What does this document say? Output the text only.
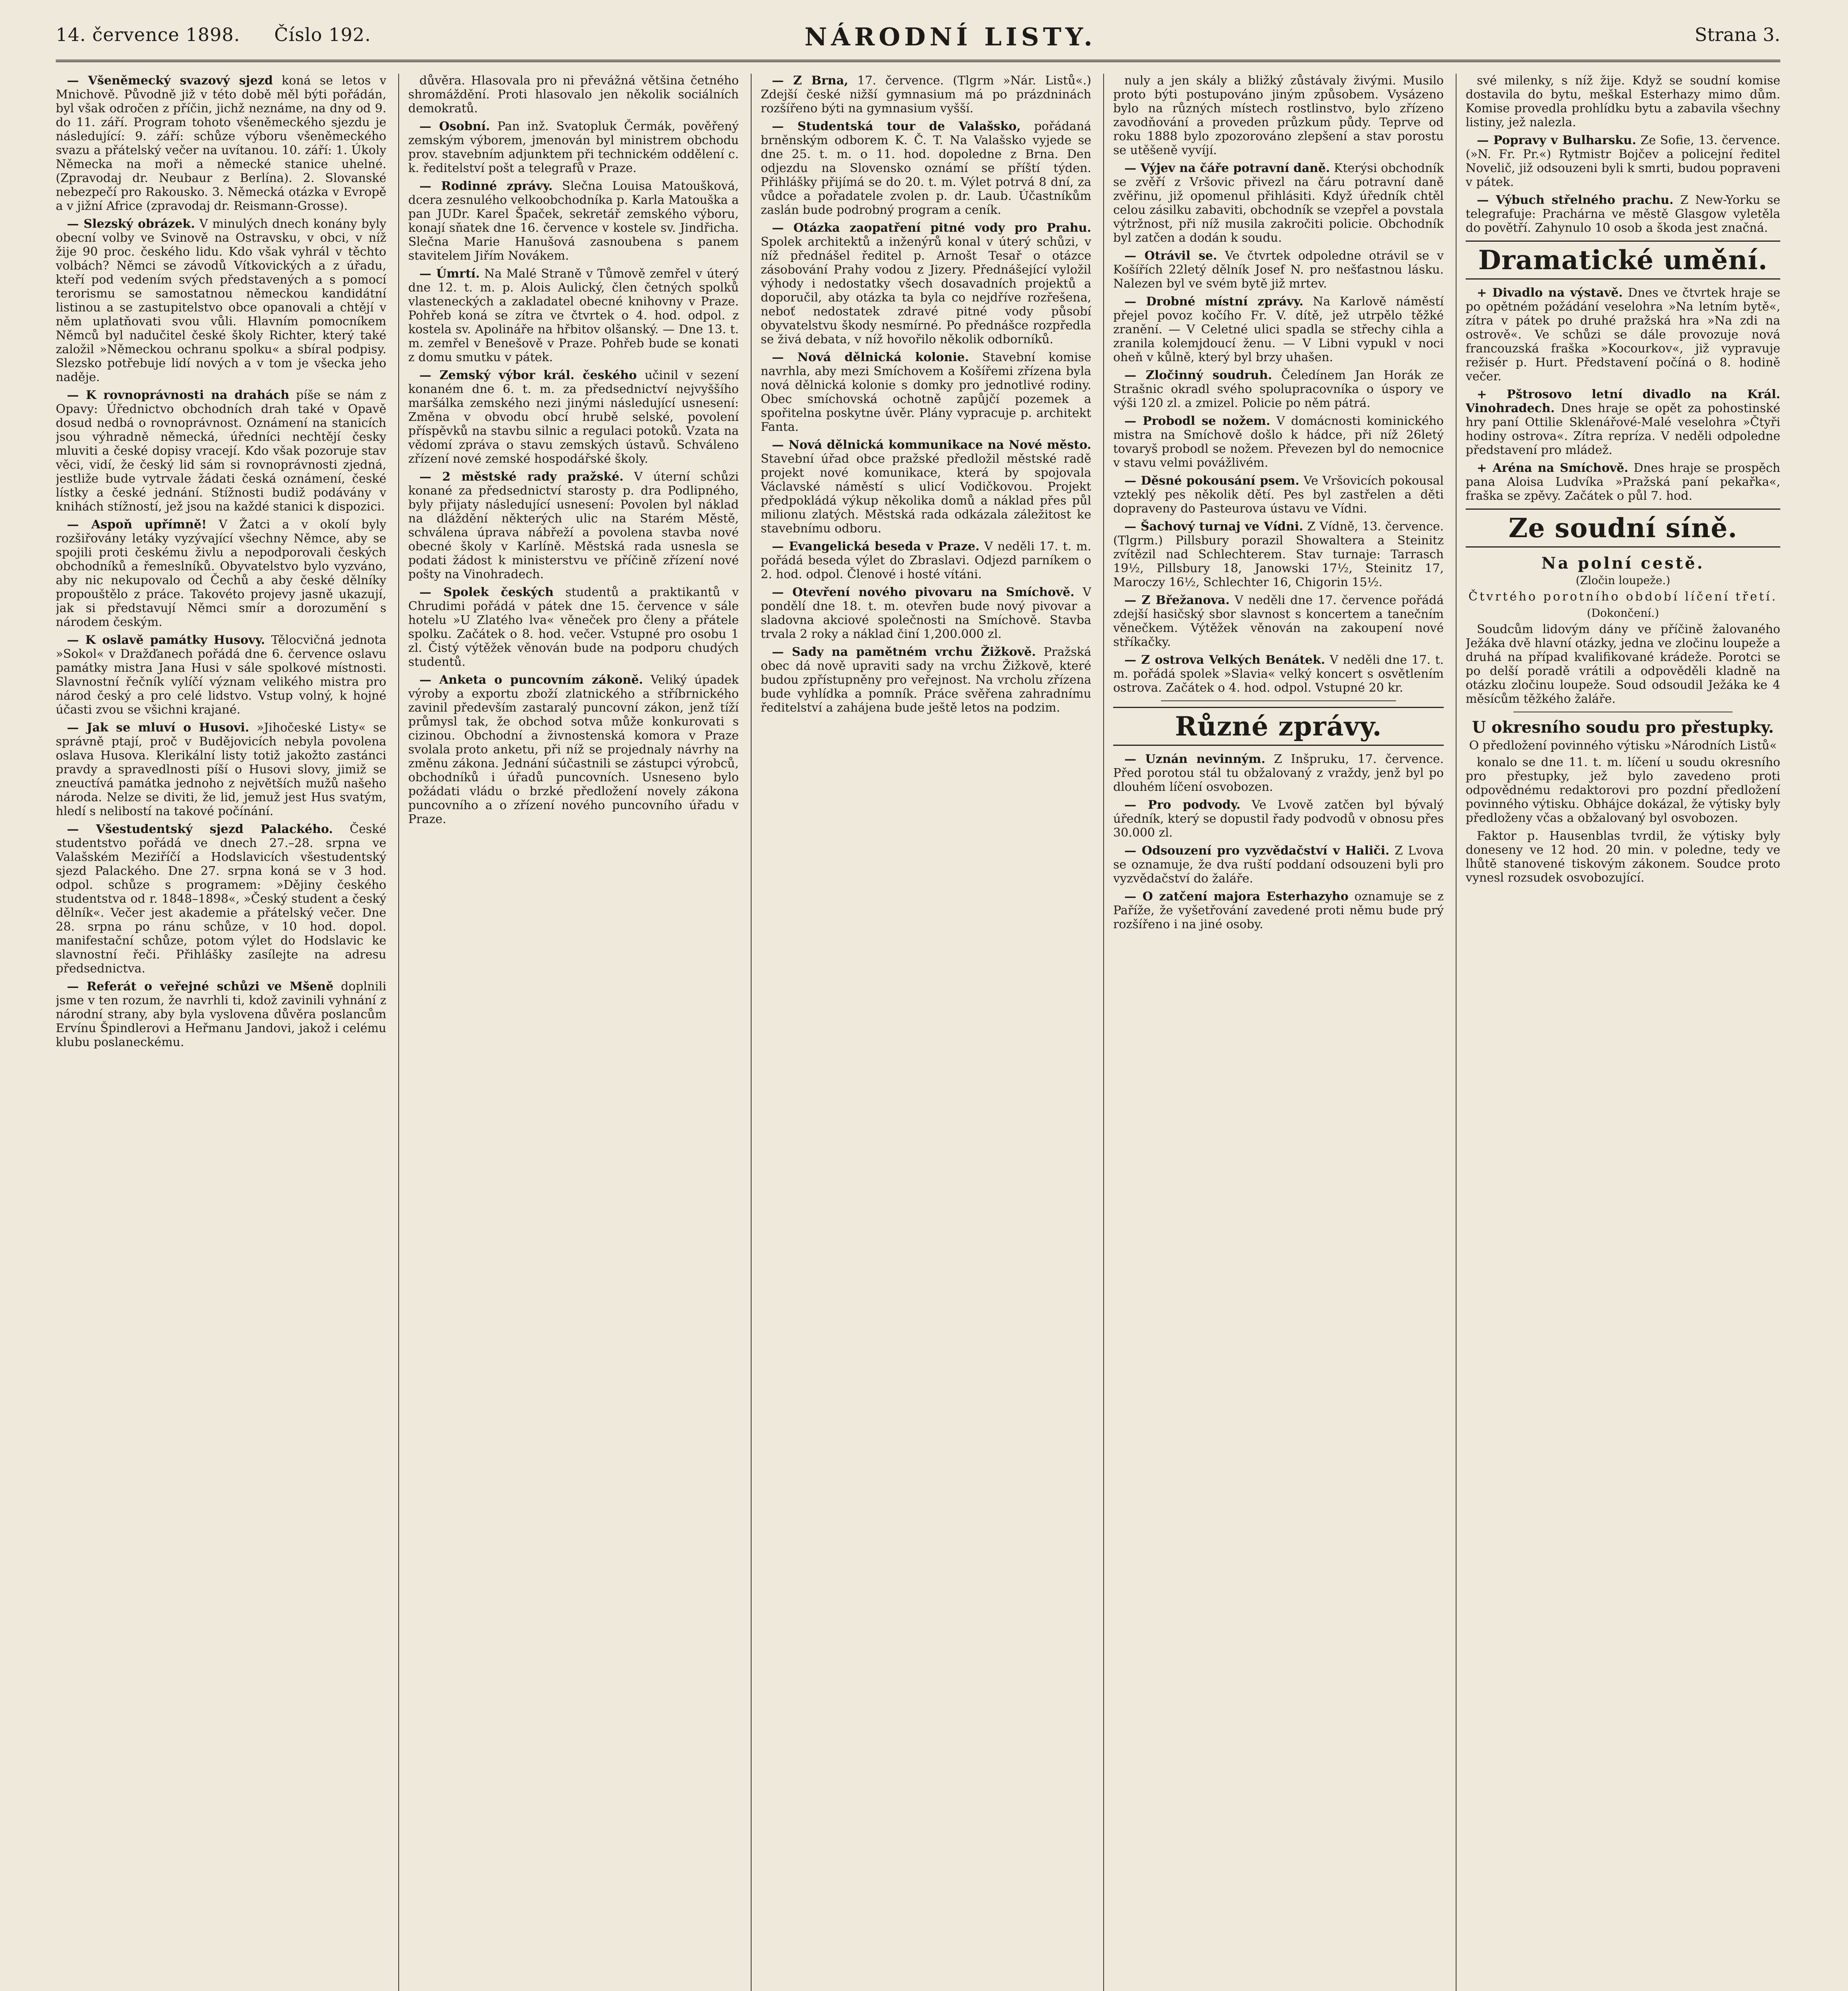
14. července 1898. Číslo 192.	NÁRODNÍ LISTY.	Strana 3.

— Všeněmecký svazový sjezd koná se letos v Mnichově. Původně již v této době měl býti pořádán, byl však odročen z příčin, jichž neznáme, na dny od 9. do 11. září. Program tohoto všeněmeckého sjezdu je následující: 9. září: schůze výboru všeněmeckého svazu a přátelský večer na uvítanou. 10. září: 1. Úkoly Německa na moři a německé stanice uhelné. (Zpravodaj dr. Neubaur z Berlína). 2. Slovanské nebezpečí pro Rakousko. 3. Německá otázka v Evropě a v jižní Africe (zpravodaj dr. Reismann-Grosse).

— Slezský obrázek. V minulých dnech konány byly obecní volby ve Svinově na Ostravsku, v obci, v níž žije 90 proc. českého lidu. Kdo však vyhrál v těchto volbách? Němci se závodů Vítkovických a z úřadu, kteří pod vedením svých představených a s pomocí terorismu se samostatnou německou kandidátní listinou a se zastupitelstvo obce opanovali a chtějí v něm uplatňovati svou vůli. Hlavním pomocníkem Němců byl nadučitel české školy Richter, který také založil »Německou ochranu spolku« a sbíral podpisy. Slezsko potřebuje lidí nových a v tom je všecka jeho naděje.

— K rovnoprávnosti na drahách píše se nám z Opavy: Úřednictvo obchodních drah také v Opavě dosud nedbá o rovnoprávnost. Oznámení na stanicích jsou výhradně německá, úředníci nechtějí česky mluviti a české dopisy vracejí. Kdo však pozoruje stav věci, vidí, že český lid sám si rovnoprávnosti zjedná, jestliže bude vytrvale žádati česká oznámení, české lístky a české jednání. Stížnosti budiž podávány v knihách stížností, jež jsou na každé stanici k dispozici.

— Aspoň upřímně! V Žatci a v okolí byly rozšiřovány letáky vyzývající všechny Němce, aby se spojili proti českému živlu a nepodporovali českých obchodníků a řemeslníků. Obyvatelstvo bylo vyzváno, aby nic nekupovalo od Čechů a aby české dělníky propouštělo z práce. Takovéto projevy jasně ukazují, jak si představují Němci smír a dorozumění s národem českým.

— K oslavě památky Husovy. Tělocvičná jednota »Sokol« v Dražďanech pořádá dne 6. července oslavu památky mistra Jana Husi v sále spolkové místnosti. Slavnostní řečník vylíčí význam velikého mistra pro národ český a pro celé lidstvo. Vstup volný, k hojné účasti zvou se všichni krajané.

— Jak se mluví o Husovi. »Jihočeské Listy« se správně ptají, proč v Budějovicích nebyla povolena oslava Husova. Klerikální listy totiž jakožto zastánci pravdy a spravedlnosti píší o Husovi slovy, jimiž se zneuctívá památka jednoho z největších mužů našeho národa. Nelze se diviti, že lid, jemuž jest Hus svatým, hledí s nelibostí na takové počínání.

— Všestudentský sjezd Palackého. České studentstvo pořádá ve dnech 27.–28. srpna ve Valašském Meziříčí a Hodslavicích všestudentský sjezd Palackého. Dne 27. srpna koná se v 3 hod. odpol. schůze s programem: »Dějiny českého studentstva od r. 1848–1898«, »Český student a český dělník«. Večer jest akademie a přátelský večer. Dne 28. srpna po ránu schůze, v 10 hod. dopol. manifestační schůze, potom výlet do Hodslavic ke slavnostní řeči. Přihlášky zasílejte na adresu předsednictva.

— Referát o veřejné schůzi ve Mšeně doplnili jsme v ten rozum, že navrhli ti, kdož zavinili vyhnání z národní strany, aby byla vyslovena důvěra poslancům Ervínu Špindlerovi a Heřmanu Jandovi, jakož i celému klubu poslaneckému.

důvěra. Hlasovala pro ni převážná většina četného shromáždění. Proti hlasovalo jen několik sociálních demokratů.

— Osobní. Pan inž. Svatopluk Čermák, pověřený zemským výborem, jmenován byl ministrem obchodu prov. stavebním adjunktem při technickém oddělení c. k. ředitelství pošt a telegrafů v Praze.

— Rodinné zprávy. Slečna Louisa Matoušková, dcera zesnulého velkoobchodníka p. Karla Matouška a pan JUDr. Karel Špaček, sekretář zemského výboru, konají sňatek dne 16. července v kostele sv. Jindřicha. Slečna Marie Hanušová zasnoubena s panem stavitelem Jiřím Novákem.

— Úmrtí. Na Malé Straně v Tůmově zemřel v úterý dne 12. t. m. p. Alois Aulický, člen četných spolků vlasteneckých a zakladatel obecné knihovny v Praze. Pohřeb koná se zítra ve čtvrtek o 4. hod. odpol. z kostela sv. Apolináře na hřbitov olšanský. — Dne 13. t. m. zemřel v Benešově v Praze. Pohřeb bude se konati z domu smutku v pátek.

— Zemský výbor král. českého učinil v sezení konaném dne 6. t. m. za předsednictví nejvyššího maršálka zemského nezi jinými následující usnesení: Změna v obvodu obcí hrubě selské, povolení příspěvků na stavbu silnic a regulaci potoků. Vzata na vědomí zpráva o stavu zemských ústavů. Schváleno zřízení nové zemské hospodářské školy.

— 2 městské rady pražské. V úterní schůzi konané za předsednictví starosty p. dra Podlipného, byly přijaty následující usnesení: Povolen byl náklad na dláždění některých ulic na Starém Městě, schválena úprava nábřeží a povolena stavba nové obecné školy v Karlíně. Městská rada usnesla se podati žádost k ministerstvu ve příčině zřízení nové pošty na Vinohradech.

— Spolek českých studentů a praktikantů v Chrudimi pořádá v pátek dne 15. července v sále hotelu »U Zlatého lva« věneček pro členy a přátele spolku. Začátek o 8. hod. večer. Vstupné pro osobu 1 zl. Čistý výtěžek věnován bude na podporu chudých studentů.

— Anketa o puncovním zákoně. Veliký úpadek výroby a exportu zboží zlatnického a stříbrnického zavinil především zastaralý puncovní zákon, jenž tíží průmysl tak, že obchod sotva může konkurovati s cizinou. Obchodní a živnostenská komora v Praze svolala proto anketu, při níž se projednaly návrhy na změnu zákona. Jednání súčastnili se zástupci výrobců, obchodníků i úřadů puncovních. Usneseno bylo požádati vládu o brzké předložení novely zákona puncovního a o zřízení nového puncovního úřadu v Praze.

— Z Brna, 17. července. (Tlgrm »Nár. Listů«.) Zdejší české nižší gymnasium má po prázdninách rozšířeno býti na gymnasium vyšší.

— Studentská tour de Valašsko, pořádaná brněnským odborem K. Č. T. Na Valašsko vyjede se dne 25. t. m. o 11. hod. dopoledne z Brna. Den odjezdu na Slovensko oznámí se příští týden. Přihlášky přijímá se do 20. t. m. Výlet potrvá 8 dní, za vůdce a pořadatele zvolen p. dr. Laub. Účastníkům zaslán bude podrobný program a ceník.

— Otázka zaopatření pitné vody pro Prahu. Spolek architektů a inženýrů konal v úterý schůzi, v níž přednášel ředitel p. Arnošt Tesař o otázce zásobování Prahy vodou z Jizery. Přednášející vyložil výhody i nedostatky všech dosavadních projektů a doporučil, aby otázka ta byla co nejdříve rozřešena, neboť nedostatek zdravé pitné vody působí obyvatelstvu škody nesmírné. Po přednášce rozpředla se živá debata, v níž hovořilo několik odborníků.

— Nová dělnická kolonie. Stavební komise navrhla, aby mezi Smíchovem a Košířemi zřízena byla nová dělnická kolonie s domky pro jednotlivé rodiny. Obec smíchovská ochotně zapůjčí pozemek a spořitelna poskytne úvěr. Plány vypracuje p. architekt Fanta.

— Nová dělnická kommunikace na Nové město. Stavební úřad obce pražské předložil městské radě projekt nové komunikace, která by spojovala Václavské náměstí s ulicí Vodičkovou. Projekt předpokládá výkup několika domů a náklad přes půl milionu zlatých. Městská rada odkázala záležitost ke stavebnímu odboru.

— Evangelická beseda v Praze. V neděli 17. t. m. pořádá beseda výlet do Zbraslavi. Odjezd parníkem o 2. hod. odpol. Členové i hosté vítáni.

— Otevření nového pivovaru na Smíchově. V pondělí dne 18. t. m. otevřen bude nový pivovar a sladovna akciové společnosti na Smíchově. Stavba trvala 2 roky a náklad činí 1,200.000 zl.

— Sady na pamětném vrchu Žižkově. Pražská obec dá nově upraviti sady na vrchu Žižkově, které budou zpřístupněny pro veřejnost. Na vrcholu zřízena bude vyhlídka a pomník. Práce svěřena zahradnímu ředitelství a zahájena bude ještě letos na podzim.

nuly a jen skály a bližký zůstávaly živými. Musilo proto býti postupováno jiným způsobem. Vysázeno bylo na různých místech rostlinstvo, bylo zřízeno zavodňování a proveden průzkum půdy. Teprve od roku 1888 bylo zpozorováno zlepšení a stav porostu se utěšeně vyvíjí.

— Výjev na čáře potravní daně. Kterýsi obchodník se zvěří z Vršovic přivezl na čáru potravní daně zvěřinu, již opomenul přihlásiti. Když úředník chtěl celou zásilku zabaviti, obchodník se vzepřel a povstala výtržnost, při níž musila zakročiti policie. Obchodník byl zatčen a dodán k soudu.

— Otrávil se. Ve čtvrtek odpoledne otrávil se v Košířích 22letý dělník Josef N. pro nešťastnou lásku. Nalezen byl ve svém bytě již mrtev.

— Drobné místní zprávy. Na Karlově náměstí přejel povoz kočího Fr. V. dítě, jež utrpělo těžké zranění. — V Celetné ulici spadla se střechy cihla a zranila kolemjdoucí ženu. — V Libni vypukl v noci oheň v kůlně, který byl brzy uhašen.

— Zločinný soudruh. Čeledínem Jan Horák ze Strašnic okradl svého spolupracovníka o úspory ve výši 120 zl. a zmizel. Policie po něm pátrá.

— Probodl se nožem. V domácnosti kominického mistra na Smíchově došlo k hádce, při níž 26letý tovaryš probodl se nožem. Převezen byl do nemocnice v stavu velmi povážlivém.

— Děsné pokousání psem. Ve Vršovicích pokousal vzteklý pes několik dětí. Pes byl zastřelen a děti dopraveny do Pasteurova ústavu ve Vídni.

— Šachový turnaj ve Vídni. Z Vídně, 13. července. (Tlgrm.) Pillsbury porazil Showaltera a Steinitz zvítězil nad Schlechterem. Stav turnaje: Tarrasch 19½, Pillsbury 18, Janowski 17½, Steinitz 17, Maroczy 16½, Schlechter 16, Chigorin 15½.

— Z Břežanova. V neděli dne 17. července pořádá zdejší hasičský sbor slavnost s koncertem a tanečním věnečkem. Výtěžek věnován na zakoupení nové stříkačky.

— Z ostrova Velkých Benátek. V neděli dne 17. t. m. pořádá spolek »Slavia« velký koncert s osvětlením ostrova. Začátek o 4. hod. odpol. Vstupné 20 kr.

Různé zprávy.

— Uznán nevinným. Z Inšpruku, 17. července. Před porotou stál tu obžalovaný z vraždy, jenž byl po dlouhém líčení osvobozen.

— Pro podvody. Ve Lvově zatčen byl bývalý úředník, který se dopustil řady podvodů v obnosu přes 30.000 zl.

— Odsouzení pro vyzvědačství v Haliči. Z Lvova se oznamuje, že dva ruští poddaní odsouzeni byli pro vyzvědačství do žaláře.

— O zatčení majora Esterhazyho oznamuje se z Paříže, že vyšetřování zavedené proti němu bude prý rozšířeno i na jiné osoby.

své milenky, s níž žije. Když se soudní komise dostavila do bytu, meškal Esterhazy mimo dům. Komise provedla prohlídku bytu a zabavila všechny listiny, jež nalezla.

— Popravy v Bulharsku. Ze Sofie, 13. července. (»N. Fr. Pr.«) Rytmistr Bojčev a policejní ředitel Novelič, již odsouzeni byli k smrti, budou popraveni v pátek.

— Výbuch střelného prachu. Z New-Yorku se telegrafuje: Prachárna ve městě Glasgow vyletěla do povětří. Zahynulo 10 osob a škoda jest značná.

Dramatické umění.

+ Divadlo na výstavě. Dnes ve čtvrtek hraje se po opětném požádání veselohra »Na letním bytě«, zítra v pátek po druhé pražská hra »Na zdi na ostrově«. Ve schůzi se dále provozuje nová francouzská fraška »Kocourkov«, již vypravuje režisér p. Hurt. Představení počíná o 8. hodině večer.

+ Pštrosovo letní divadlo na Král. Vinohradech. Dnes hraje se opět za pohostinské hry paní Ottilie Sklenářové-Malé veselohra »Čtyři hodiny ostrova«. Zítra repríza. V neděli odpoledne představení pro mládež.

+ Aréna na Smíchově. Dnes hraje se prospěch pana Aloisa Ludvíka »Pražská paní pekařka«, fraška se zpěvy. Začátek o půl 7. hod.

Ze soudní síně.
Na polní cestě.
(Zločin loupeže.)
Čtvrtého porotního období líčení třetí.
(Dokončení.)

Soudcům lidovým dány ve příčině žalovaného Ježáka dvě hlavní otázky, jedna ve zločinu loupeže a druhá na případ kvalifikované krádeže. Porotci se po delší poradě vrátili a odpověděli kladně na otázku zločinu loupeže. Soud odsoudil Ježáka ke 4 měsícům těžkého žaláře.

U okresního soudu pro přestupky.
O předložení povinného výtisku »Národních Listů«

konalo se dne 11. t. m. líčení u soudu okresního pro přestupky, jež bylo zavedeno proti odpovědnému redaktorovi pro pozdní předložení povinného výtisku. Obhájce dokázal, že výtisky byly předloženy včas a obžalovaný byl osvobozen.

Faktor p. Hausenblas tvrdil, že výtisky byly doneseny ve 12 hod. 20 min. v poledne, tedy ve lhůtě stanovené tiskovým zákonem. Soudce proto vynesl rozsudek osvobozující.
